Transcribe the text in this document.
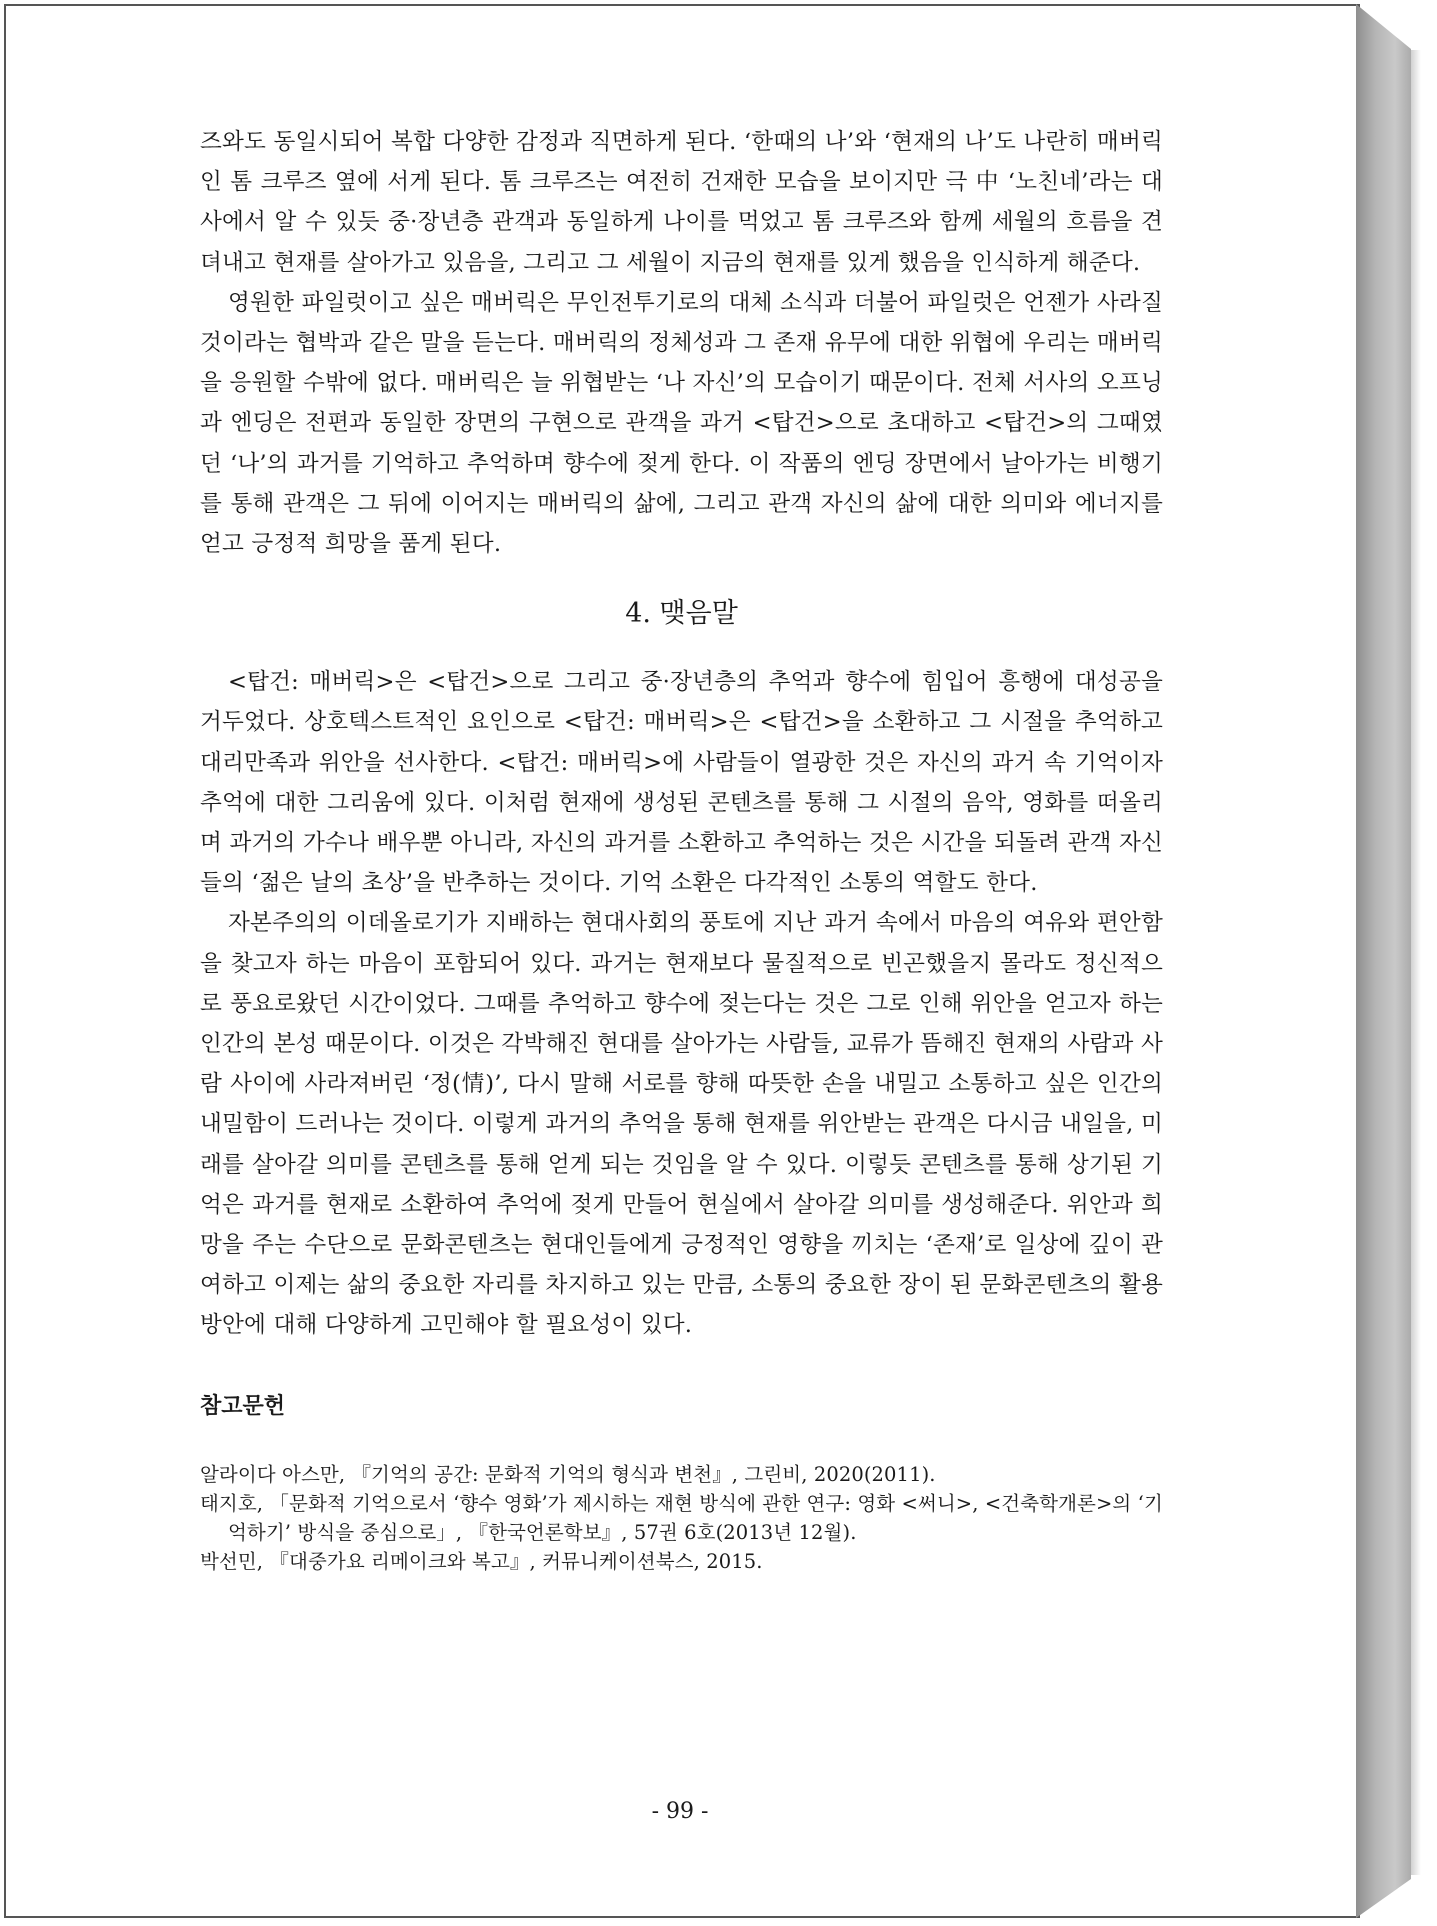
즈와도 동일시되어 복합 다양한 감정과 직면하게 된다. ‘한때의 나’와 ‘현재의 나’도 나란히 매버릭인 톰 크루즈 옆에 서게 된다. 톰 크루즈는 여전히 건재한 모습을 보이지만 극 中 ‘노친네’라는 대사에서 알 수 있듯 중·장년층 관객과 동일하게 나이를 먹었고 톰 크루즈와 함께 세월의 흐름을 견뎌내고 현재를 살아가고 있음을, 그리고 그 세월이 지금의 현재를 있게 했음을 인식하게 해준다.

영원한 파일럿이고 싶은 매버릭은 무인전투기로의 대체 소식과 더불어 파일럿은 언젠가 사라질 것이라는 협박과 같은 말을 듣는다. 매버릭의 정체성과 그 존재 유무에 대한 위협에 우리는 매버릭을 응원할 수밖에 없다. 매버릭은 늘 위협받는 ‘나 자신’의 모습이기 때문이다. 전체 서사의 오프닝과 엔딩은 전편과 동일한 장면의 구현으로 관객을 과거 <탑건>으로 초대하고 <탑건>의 그때였던 ‘나’의 과거를 기억하고 추억하며 향수에 젖게 한다. 이 작품의 엔딩 장면에서 날아가는 비행기를 통해 관객은 그 뒤에 이어지는 매버릭의 삶에, 그리고 관객 자신의 삶에 대한 의미와 에너지를 얻고 긍정적 희망을 품게 된다.

4. 맺음말

<탑건: 매버릭>은 <탑건>으로 그리고 중·장년층의 추억과 향수에 힘입어 흥행에 대성공을 거두었다. 상호텍스트적인 요인으로 <탑건: 매버릭>은 <탑건>을 소환하고 그 시절을 추억하고 대리만족과 위안을 선사한다. <탑건: 매버릭>에 사람들이 열광한 것은 자신의 과거 속 기억이자 추억에 대한 그리움에 있다. 이처럼 현재에 생성된 콘텐츠를 통해 그 시절의 음악, 영화를 떠올리며 과거의 가수나 배우뿐 아니라, 자신의 과거를 소환하고 추억하는 것은 시간을 되돌려 관객 자신들의 ‘젊은 날의 초상’을 반추하는 것이다. 기억 소환은 다각적인 소통의 역할도 한다.

자본주의의 이데올로기가 지배하는 현대사회의 풍토에 지난 과거 속에서 마음의 여유와 편안함을 찾고자 하는 마음이 포함되어 있다. 과거는 현재보다 물질적으로 빈곤했을지 몰라도 정신적으로 풍요로왔던 시간이었다. 그때를 추억하고 향수에 젖는다는 것은 그로 인해 위안을 얻고자 하는 인간의 본성 때문이다. 이것은 각박해진 현대를 살아가는 사람들, 교류가 뜸해진 현재의 사람과 사람 사이에 사라져버린 ‘정(情)’, 다시 말해 서로를 향해 따뜻한 손을 내밀고 소통하고 싶은 인간의 내밀함이 드러나는 것이다. 이렇게 과거의 추억을 통해 현재를 위안받는 관객은 다시금 내일을, 미래를 살아갈 의미를 콘텐츠를 통해 얻게 되는 것임을 알 수 있다. 이렇듯 콘텐츠를 통해 상기된 기억은 과거를 현재로 소환하여 추억에 젖게 만들어 현실에서 살아갈 의미를 생성해준다. 위안과 희망을 주는 수단으로 문화콘텐츠는 현대인들에게 긍정적인 영향을 끼치는 ‘존재’로 일상에 깊이 관여하고 이제는 삶의 중요한 자리를 차지하고 있는 만큼, 소통의 중요한 장이 된 문화콘텐츠의 활용방안에 대해 다양하게 고민해야 할 필요성이 있다.

참고문헌

알라이다 아스만, 『기억의 공간: 문화적 기억의 형식과 변천』, 그린비, 2020(2011).

태지호, 「문화적 기억으로서 ‘향수 영화’가 제시하는 재현 방식에 관한 연구: 영화 <써니>, <건축학개론>의 ‘기억하기’ 방식을 중심으로」, 『한국언론학보』, 57권 6호(2013년 12월).

박선민, 『대중가요 리메이크와 복고』, 커뮤니케이션북스, 2015.

- 99 -
